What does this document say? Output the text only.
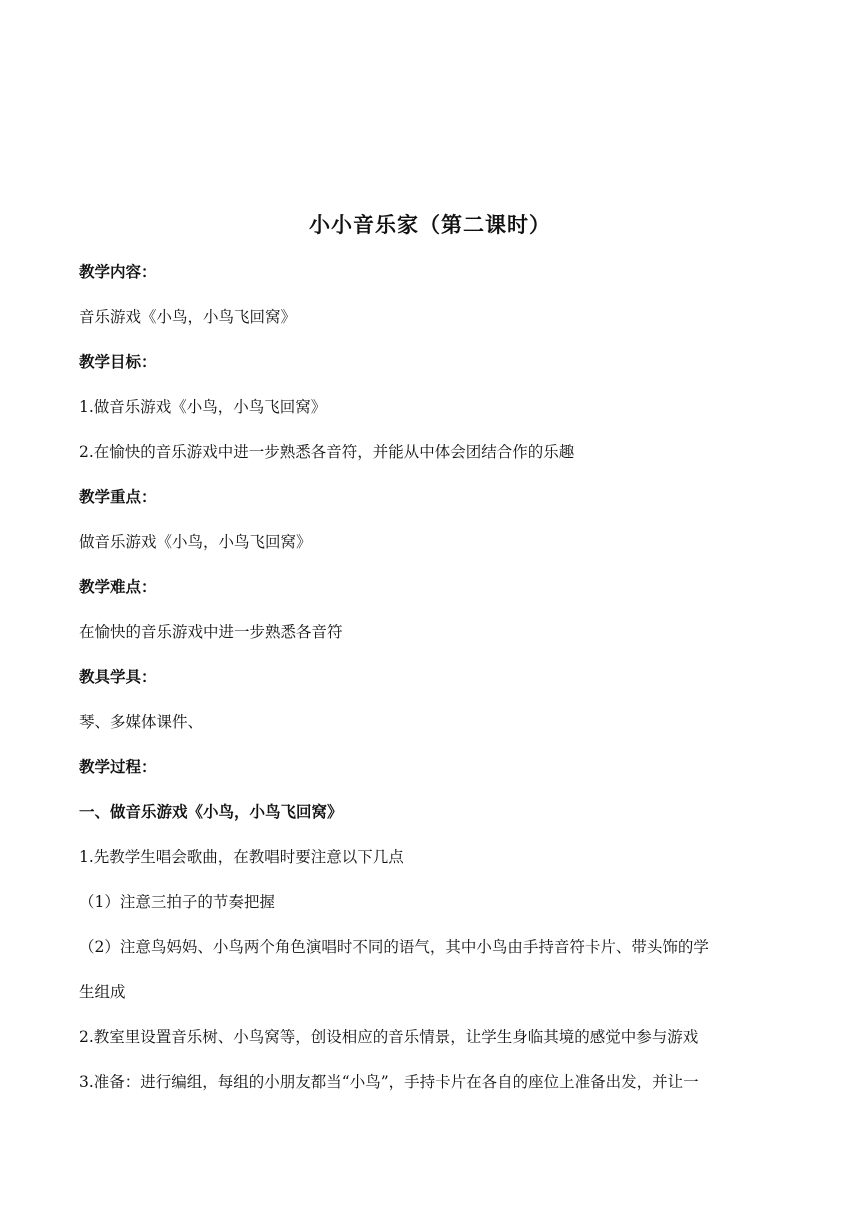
小小音乐家（第二课时）
教学内容：
音乐游戏《小鸟，小鸟飞回窝》
教学目标：
1.做音乐游戏《小鸟，小鸟飞回窝》
2.在愉快的音乐游戏中进一步熟悉各音符，并能从中体会团结合作的乐趣
教学重点：
做音乐游戏《小鸟，小鸟飞回窝》
教学难点：
在愉快的音乐游戏中进一步熟悉各音符
教具学具：
琴、多媒体课件、
教学过程：
一、做音乐游戏《小鸟，小鸟飞回窝》
1.先教学生唱会歌曲，在教唱时要注意以下几点
（1）注意三拍子的节奏把握
（2）注意鸟妈妈、小鸟两个角色演唱时不同的语气，其中小鸟由手持音符卡片、带头饰的学
生组成
2.教室里设置音乐树、小鸟窝等，创设相应的音乐情景，让学生身临其境的感觉中参与游戏
3.准备：进行编组，每组的小朋友都当“小鸟”，手持卡片在各自的座位上准备出发，并让一
